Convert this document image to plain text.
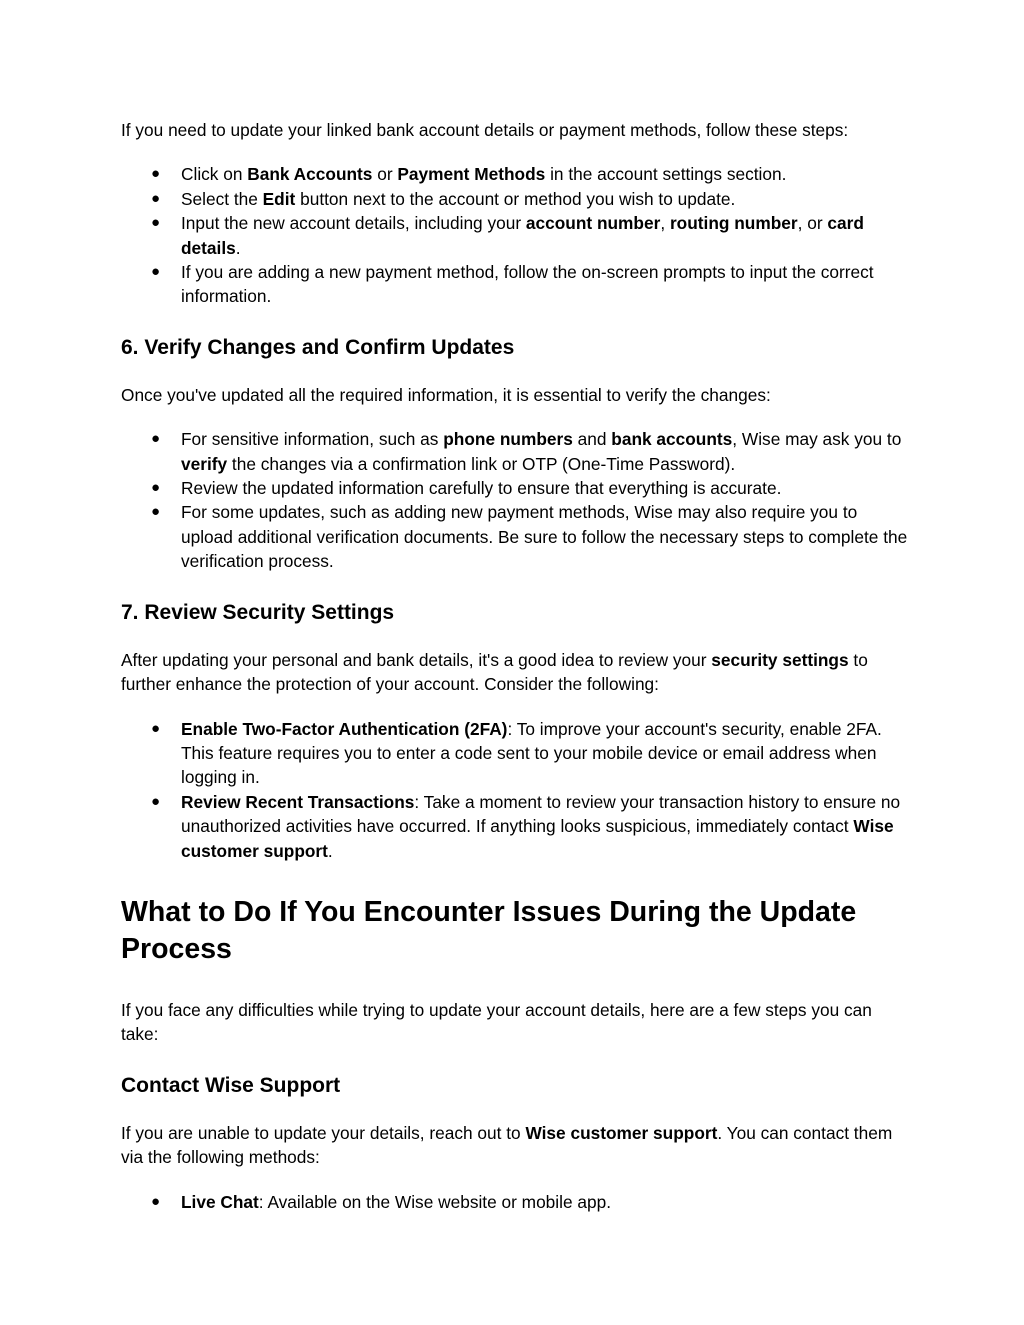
If you need to update your linked bank account details or payment methods, follow these steps:

● Click on Bank Accounts or Payment Methods in the account settings section.
● Select the Edit button next to the account or method you wish to update.
● Input the new account details, including your account number, routing number, or card details.
● If you are adding a new payment method, follow the on-screen prompts to input the correct information.
6. Verify Changes and Confirm Updates

Once you've updated all the required information, it is essential to verify the changes:

● For sensitive information, such as phone numbers and bank accounts, Wise may ask you to verify the changes via a confirmation link or OTP (One-Time Password).
● Review the updated information carefully to ensure that everything is accurate.
● For some updates, such as adding new payment methods, Wise may also require you to upload additional verification documents. Be sure to follow the necessary steps to complete the verification process.
7. Review Security Settings

After updating your personal and bank details, it's a good idea to review your security settings to further enhance the protection of your account. Consider the following:

● Enable Two-Factor Authentication (2FA): To improve your account's security, enable 2FA. This feature requires you to enter a code sent to your mobile device or email address when logging in.
● Review Recent Transactions: Take a moment to review your transaction history to ensure no unauthorized activities have occurred. If anything looks suspicious, immediately contact Wise customer support.
What to Do If You Encounter Issues During the Update Process

If you face any difficulties while trying to update your account details, here are a few steps you can take:

Contact Wise Support

If you are unable to update your details, reach out to Wise customer support. You can contact them via the following methods:

● Live Chat: Available on the Wise website or mobile app.
